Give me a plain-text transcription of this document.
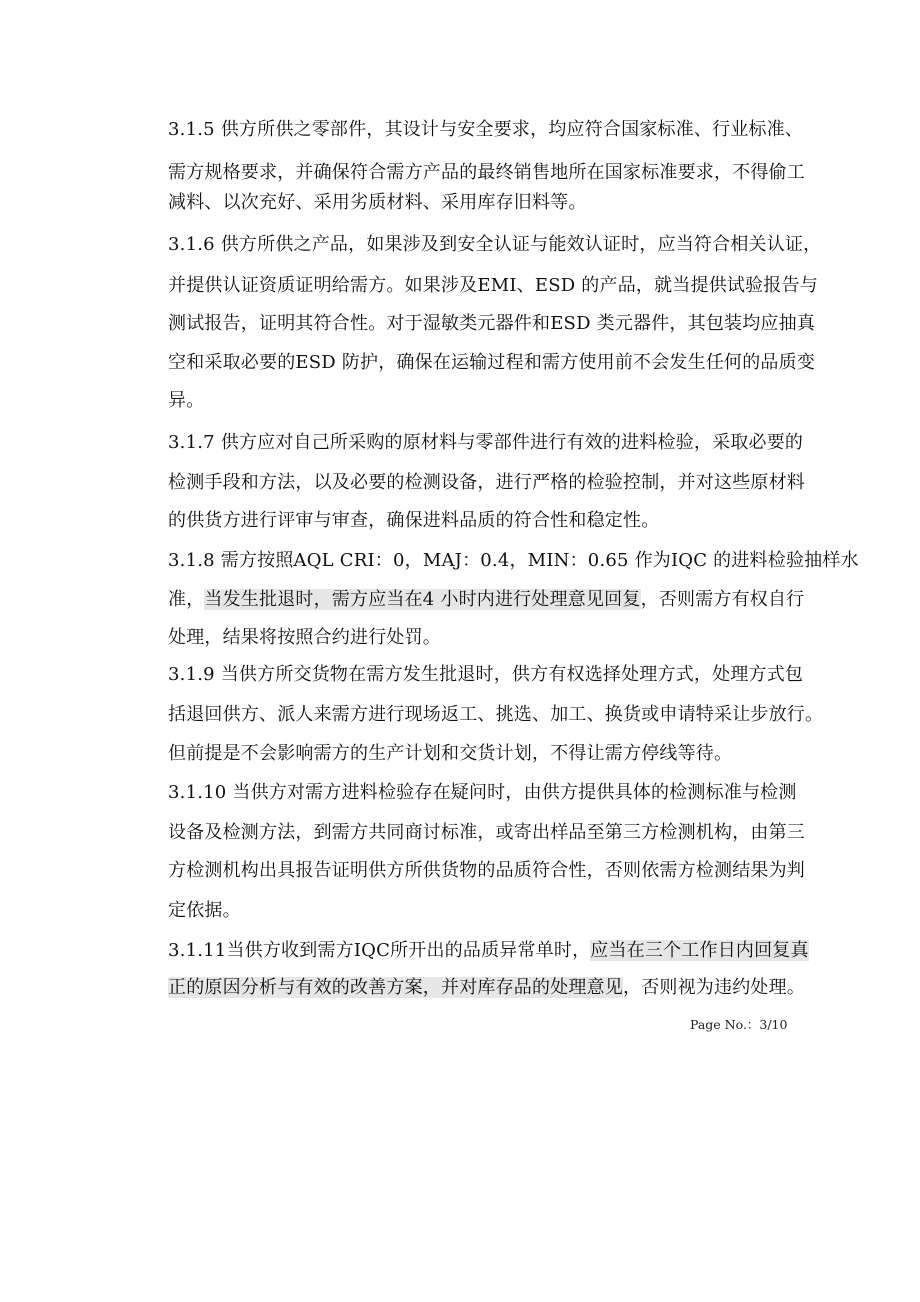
3.1.5 供方所供之零部件，其设计与安全要求，均应符合国家标准、行业标准、
需方规格要求，并确保符合需方产品的最终销售地所在国家标准要求，不得偷工
减料、以次充好、采用劣质材料、采用库存旧料等。
3.1.6 供方所供之产品，如果涉及到安全认证与能效认证时，应当符合相关认证，
并提供认证资质证明给需方。如果涉及EMI、ESD 的产品，就当提供试验报告与
测试报告，证明其符合性。对于湿敏类元器件和ESD 类元器件，其包装均应抽真
空和采取必要的ESD 防护，确保在运输过程和需方使用前不会发生任何的品质变
异。
3.1.7 供方应对自己所采购的原材料与零部件进行有效的进料检验，采取必要的
检测手段和方法，以及必要的检测设备，进行严格的检验控制，并对这些原材料
的供货方进行评审与审查，确保进料品质的符合性和稳定性。
3.1.8 需方按照AQL CRI：0，MAJ：0.4，MIN：0.65 作为IQC 的进料检验抽样水
准，当发生批退时，需方应当在4 小时内进行处理意见回复，否则需方有权自行
处理，结果将按照合约进行处罚。
3.1.9 当供方所交货物在需方发生批退时，供方有权选择处理方式，处理方式包
括退回供方、派人来需方进行现场返工、挑选、加工、换货或申请特采让步放行。
但前提是不会影响需方的生产计划和交货计划，不得让需方停线等待。
3.1.10 当供方对需方进料检验存在疑问时，由供方提供具体的检测标准与检测
设备及检测方法，到需方共同商讨标准，或寄出样品至第三方检测机构，由第三
方检测机构出具报告证明供方所供货物的品质符合性，否则依需方检测结果为判
定依据。
3.1.11当供方收到需方IQC所开出的品质异常单时，应当在三个工作日内回复真
正的原因分析与有效的改善方案，并对库存品的处理意见，否则视为违约处理。
Page No.：3/10
